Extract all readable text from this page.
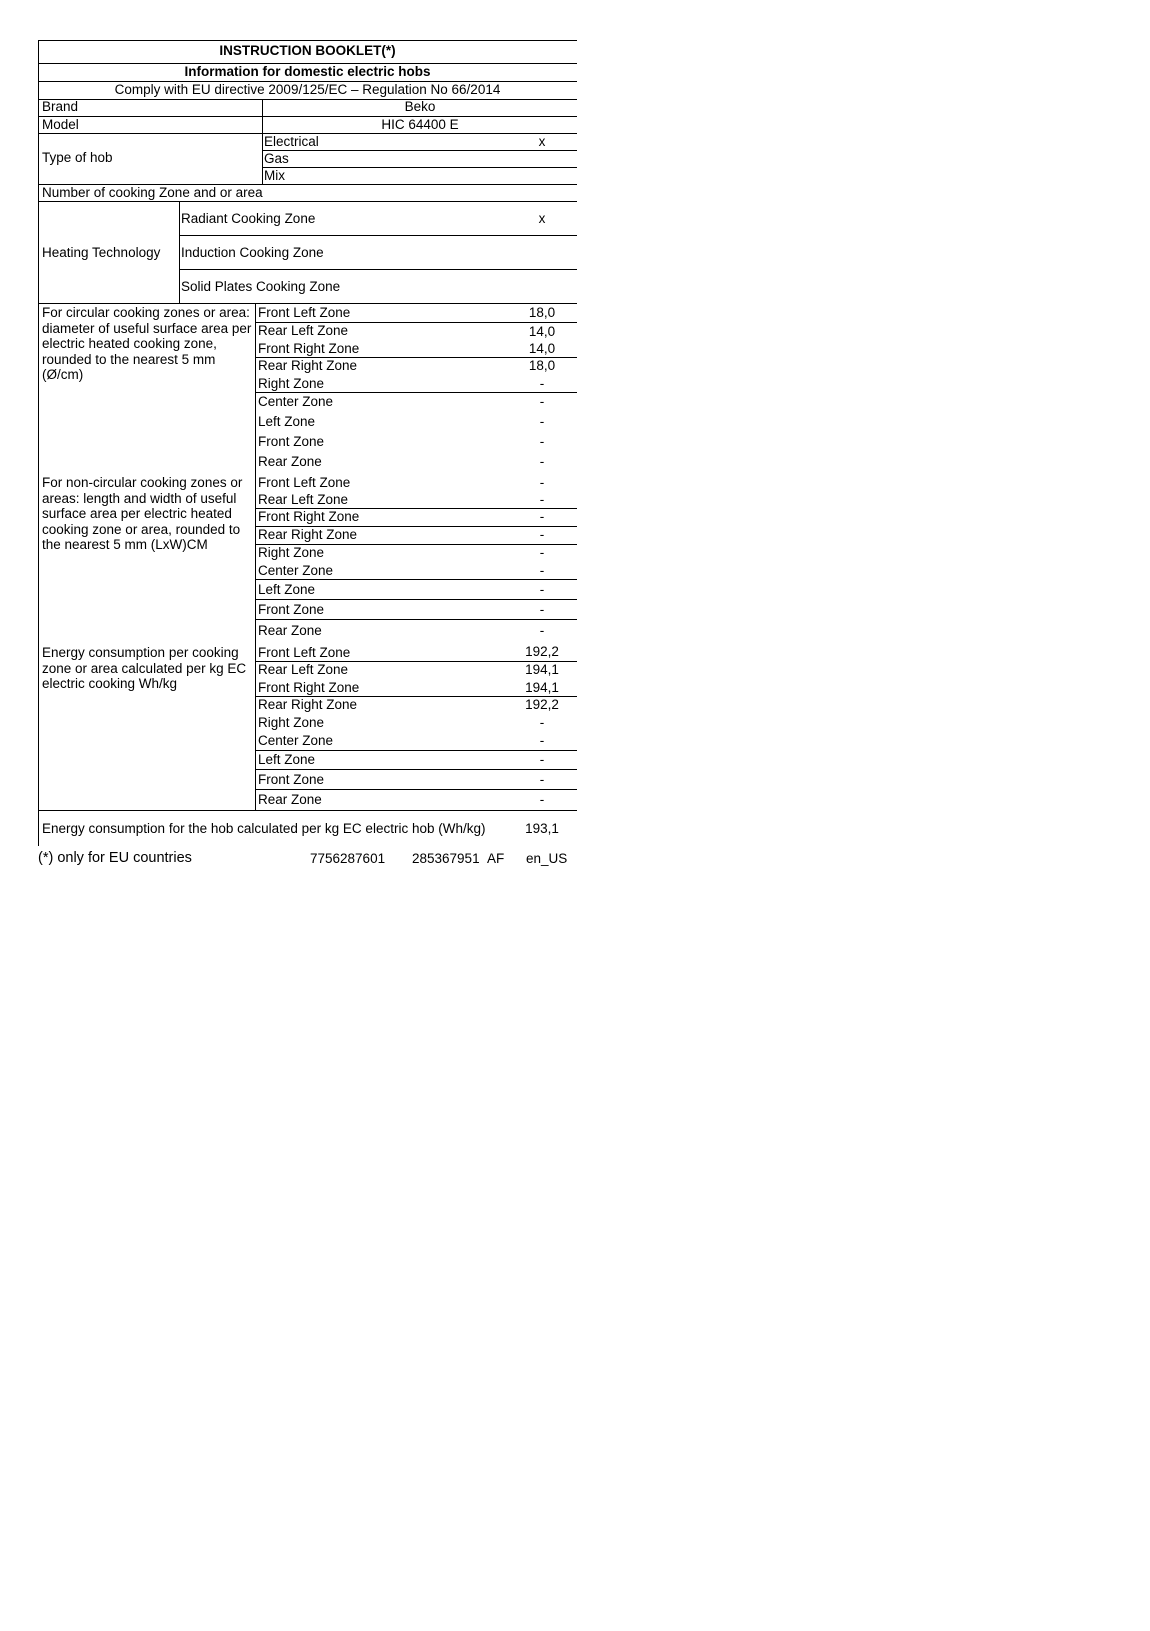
INSTRUCTION BOOKLET(*)
Information for domestic electric hobs
Comply with EU directive 2009/125/EC – Regulation No 66/2014
Brand	Beko
Model	HIC 64400 E
Type of hob
Electrical	x
Gas
Mix
Number of cooking Zone and or area
Heating Technology
Radiant Cooking Zone	x
Induction Cooking Zone
Solid Plates Cooking Zone
For circular cooking zones or area: diameter of useful surface area per electric heated cooking zone, rounded to the nearest 5 mm (Ø/cm)
Front Left Zone	18,0
Rear Left Zone	14,0
Front Right Zone	14,0
Rear Right Zone	18,0
Right Zone	-
Center Zone	-
Left Zone	-
Front Zone	-
Rear Zone	-
For non-circular cooking zones or areas: length and width of useful surface area per electric heated cooking zone or area, rounded to the nearest 5 mm (LxW)CM
Front Left Zone	-
Rear Left Zone	-
Front Right Zone	-
Rear Right Zone	-
Right Zone	-
Center Zone	-
Left Zone	-
Front Zone	-
Rear Zone	-
Energy consumption per cooking zone or area calculated per kg EC electric cooking Wh/kg
Front Left Zone	192,2
Rear Left Zone	194,1
Front Right Zone	194,1
Rear Right Zone	192,2
Right Zone	-
Center Zone	-
Left Zone	-
Front Zone	-
Rear Zone	-
Energy consumption for the hob calculated per kg EC electric hob (Wh/kg)	193,1
(*) only for EU countries	7756287601 285367951 AF en_US
